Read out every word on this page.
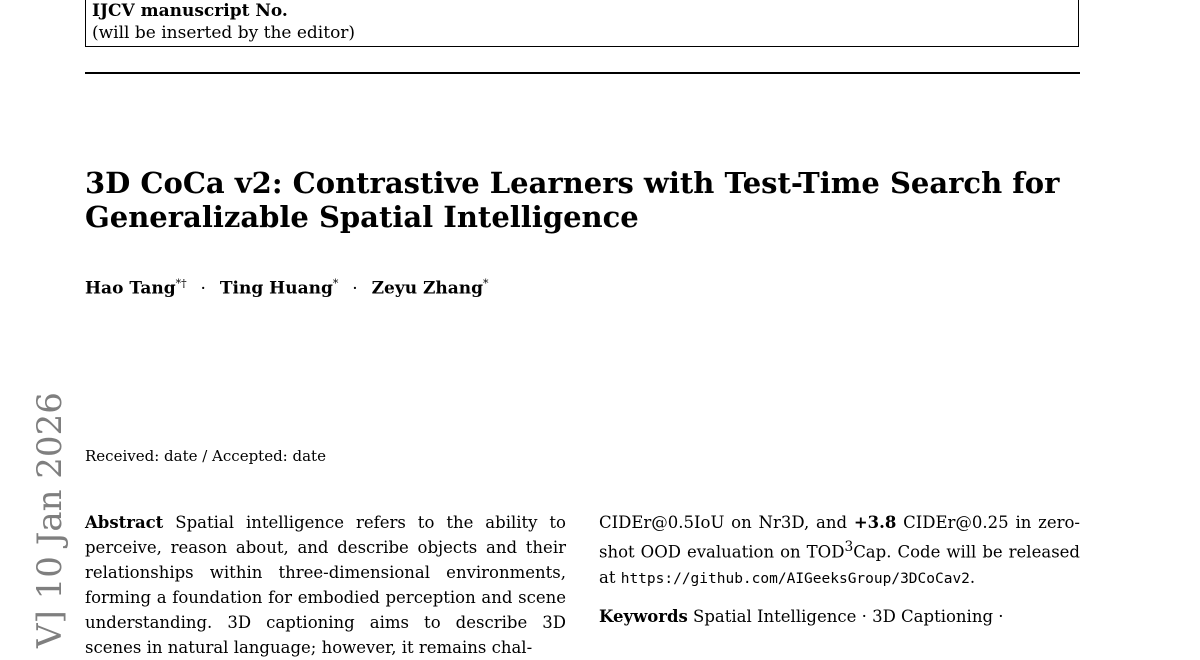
IJCV manuscript No.
(will be inserted by the editor)
3D CoCa v2: Contrastive Learners with Test-Time Search for Generalizable Spatial Intelligence
Hao Tang*† · Ting Huang* · Zeyu Zhang*
V] 10 Jan 2026 Received: date / Accepted: date
Abstract Spatial intelligence refers to the ability to perceive, reason about, and describe objects and their relationships within three-dimensional environments, forming a foundation for embodied perception and scene understanding. 3D captioning aims to describe 3D scenes in natural language; however, it remains chal-
CIDEr@0.5IoU on Nr3D, and +3.8 CIDEr@0.25 in zero-shot OOD evaluation on TOD$^3$Cap. Code will be released at https://github.com/AIGeeksGroup/3DCoCav2.
Keywords Spatial Intelligence · 3D Captioning ·
